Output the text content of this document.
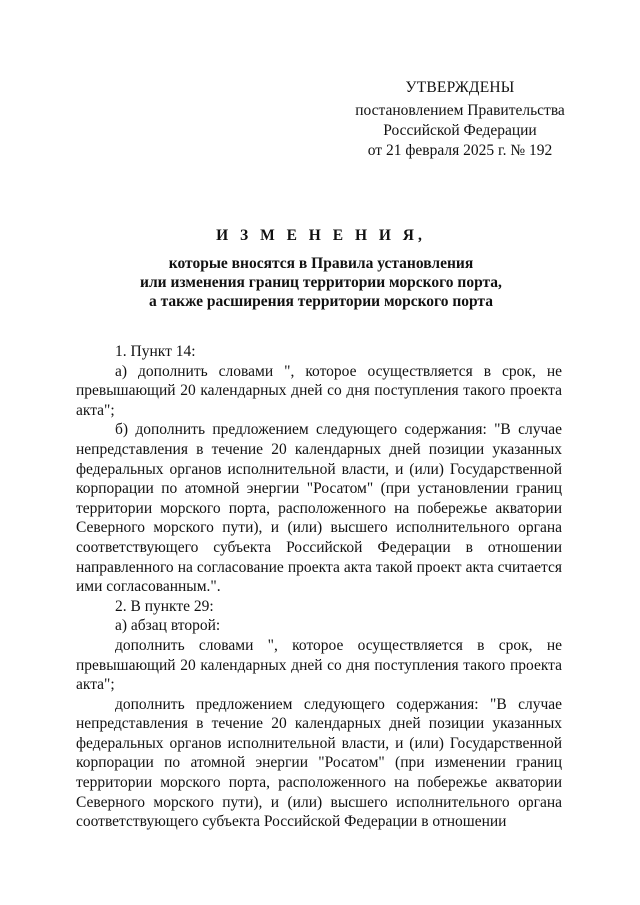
УТВЕРЖДЕНЫ
постановлением Правительства
Российской Федерации
от 21 февраля 2025 г. № 192
И З М Е Н Е Н И Я,
которые вносятся в Правила установления
или изменения границ территории морского порта,
а также расширения территории морского порта

1. Пункт 14:

а) дополнить словами ", которое осуществляется в срок, не превышающий 20 календарных дней со дня поступления такого проекта акта";

б) дополнить предложением следующего содержания: "В случае непредставления в течение 20 календарных дней позиции указанных федеральных органов исполнительной власти, и (или) Государственной корпорации по атомной энергии "Росатом" (при установлении границ территории морского порта, расположенного на побережье акватории Северного морского пути), и (или) высшего исполнительного органа соответствующего субъекта Российской Федерации в отношении направленного на согласование проекта акта такой проект акта считается ими согласованным.".

2. В пункте 29:

а) абзац второй:

дополнить словами ", которое осуществляется в срок, не превышающий 20 календарных дней со дня поступления такого проекта акта";

дополнить предложением следующего содержания: "В случае непредставления в течение 20 календарных дней позиции указанных федеральных органов исполнительной власти, и (или) Государственной корпорации по атомной энергии "Росатом" (при изменении границ территории морского порта, расположенного на побережье акватории Северного морского пути), и (или) высшего исполнительного органа соответствующего субъекта Российской Федерации в отношении
